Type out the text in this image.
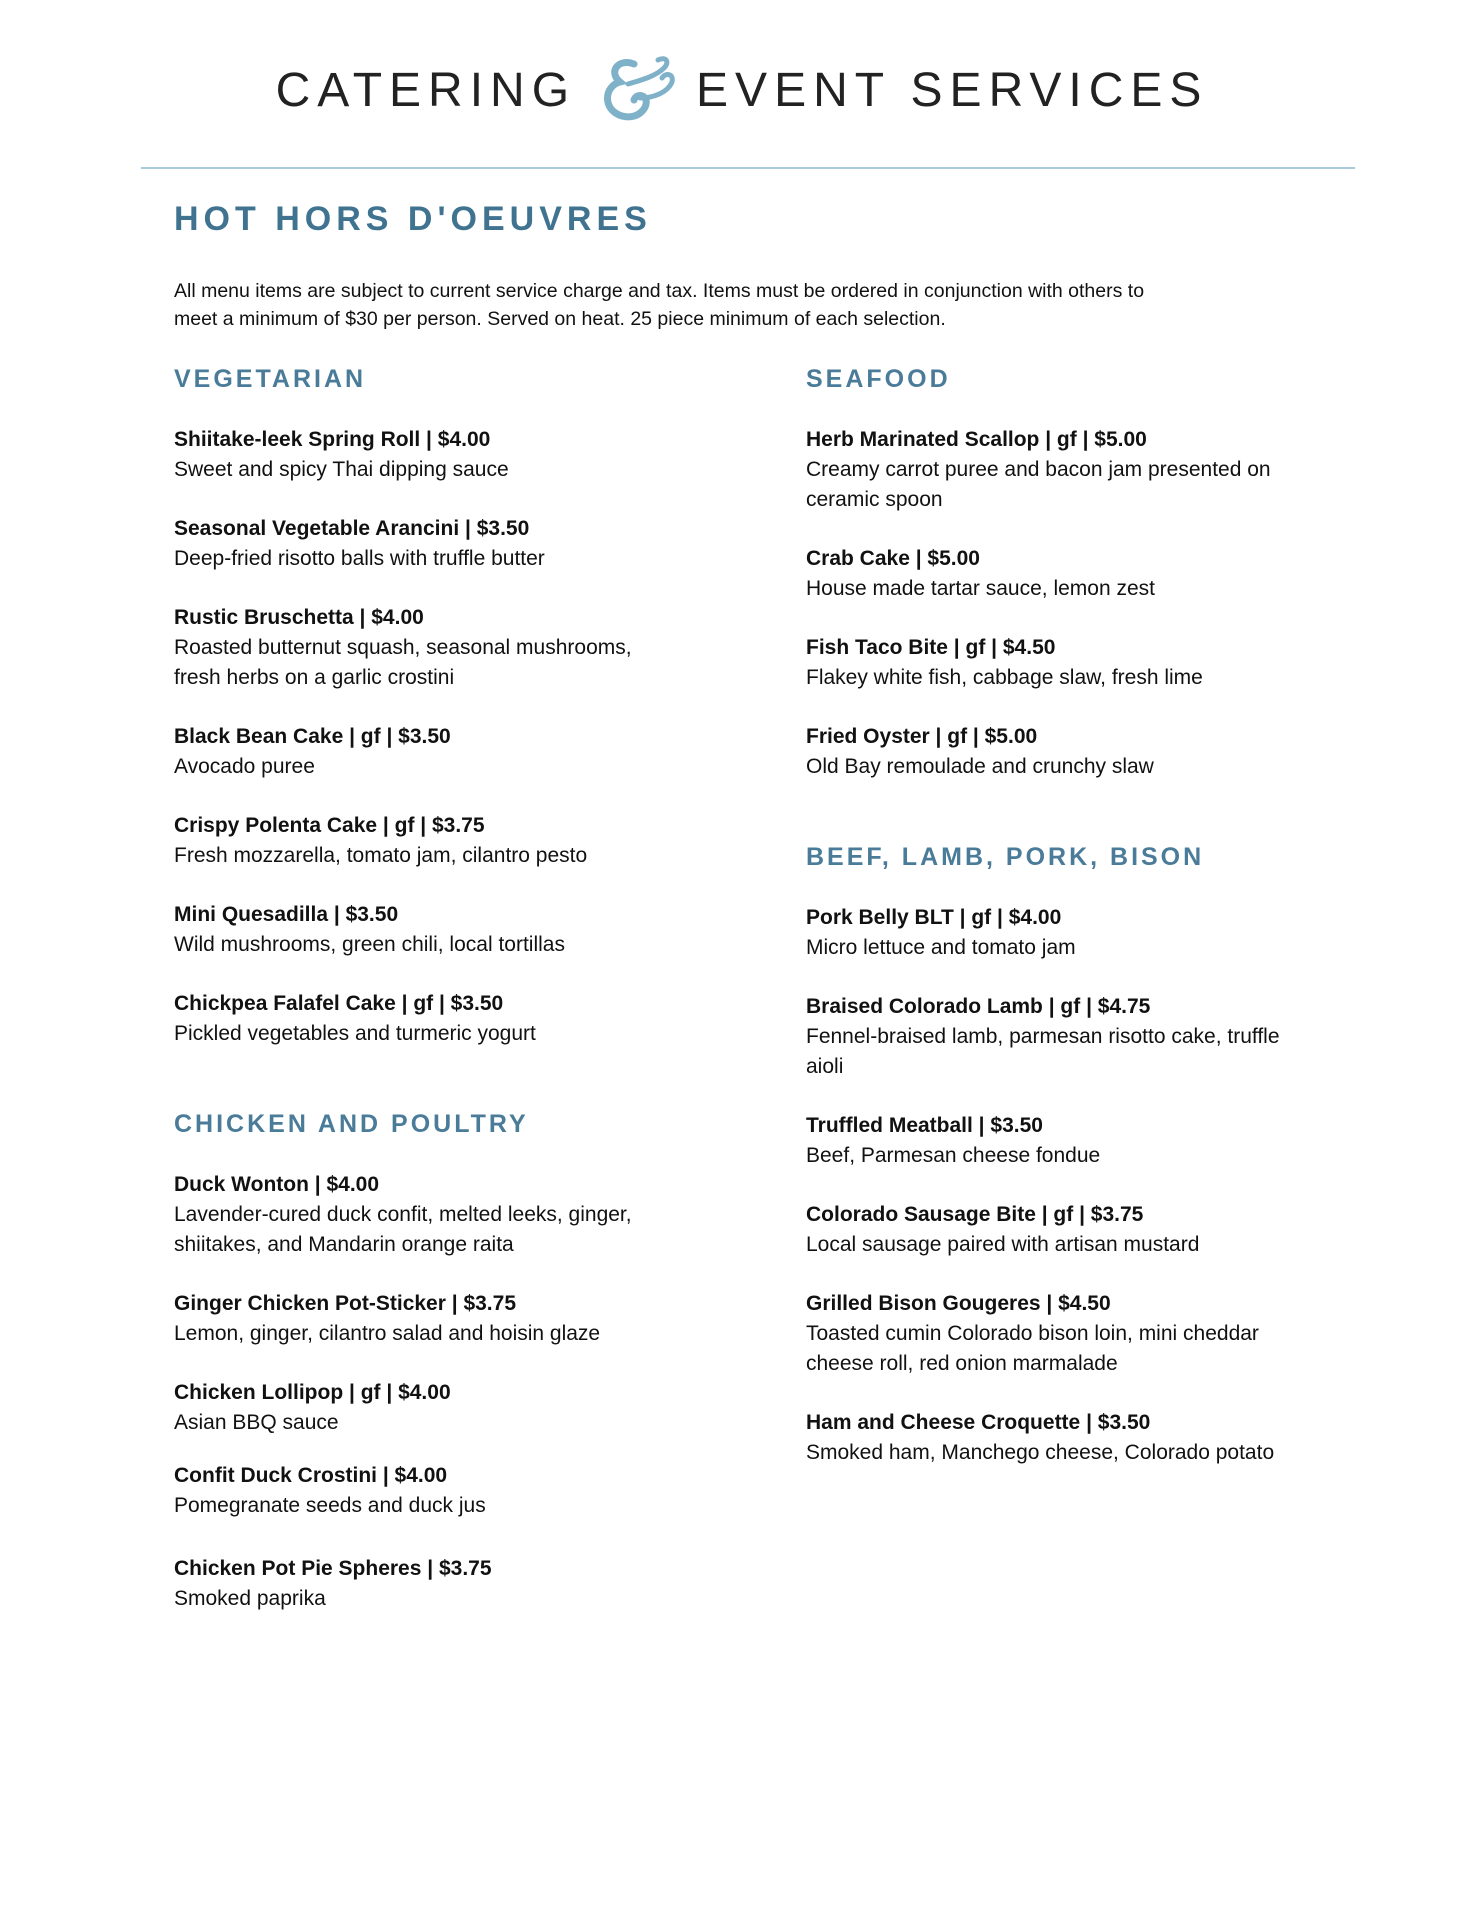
CATERING	EVENT SERVICES
HOT HORS D'OEUVRES
All menu items are subject to current service charge and tax. Items must be ordered in conjunction with others to
meet a minimum of $30 per person. Served on heat. 25 piece minimum of each selection.
VEGETARIAN
Shiitake-leek Spring Roll | $4.00
Sweet and spicy Thai dipping sauce
Seasonal Vegetable Arancini | $3.50
Deep-fried risotto balls with truffle butter
Rustic Bruschetta | $4.00
Roasted butternut squash, seasonal mushrooms,
fresh herbs on a garlic crostini
Black Bean Cake | gf | $3.50
Avocado puree
Crispy Polenta Cake | gf | $3.75
Fresh mozzarella, tomato jam, cilantro pesto
Mini Quesadilla | $3.50
Wild mushrooms, green chili, local tortillas
Chickpea Falafel Cake | gf | $3.50
Pickled vegetables and turmeric yogurt
CHICKEN AND POULTRY
Duck Wonton | $4.00
Lavender-cured duck confit, melted leeks, ginger,
shiitakes, and Mandarin orange raita
Ginger Chicken Pot-Sticker | $3.75
Lemon, ginger, cilantro salad and hoisin glaze
Chicken Lollipop | gf | $4.00
Asian BBQ sauce
Confit Duck Crostini | $4.00
Pomegranate seeds and duck jus
Chicken Pot Pie Spheres | $3.75
Smoked paprika
SEAFOOD
Herb Marinated Scallop | gf | $5.00
Creamy carrot puree and bacon jam presented on
ceramic spoon
Crab Cake | $5.00
House made tartar sauce, lemon zest
Fish Taco Bite | gf | $4.50
Flakey white fish, cabbage slaw, fresh lime
Fried Oyster | gf | $5.00
Old Bay remoulade and crunchy slaw
BEEF, LAMB, PORK, BISON
Pork Belly BLT | gf | $4.00
Micro lettuce and tomato jam
Braised Colorado Lamb | gf | $4.75
Fennel-braised lamb, parmesan risotto cake, truffle
aioli
Truffled Meatball | $3.50
Beef, Parmesan cheese fondue
Colorado Sausage Bite | gf | $3.75
Local sausage paired with artisan mustard
Grilled Bison Gougeres | $4.50
Toasted cumin Colorado bison loin, mini cheddar
cheese roll, red onion marmalade
Ham and Cheese Croquette | $3.50
Smoked ham, Manchego cheese, Colorado potato
